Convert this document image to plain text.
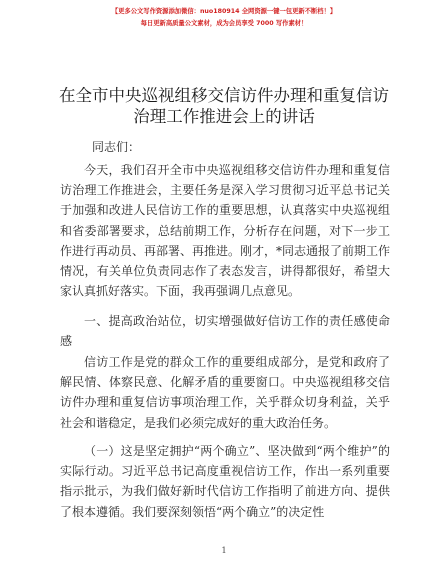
【更多公文写作资源添加微信：nuo180914 全网资源一键一包更新不断档！】
每日更新高质量公文素材，成为会员享受 7000 写作素材！
在全市中央巡视组移交信访件办理和重复信访
治理工作推进会上的讲话
同志们：

今天，我们召开全市中央巡视组移交信访件办理和重复信访治理工作推进会，主要任务是深入学习贯彻习近平总书记关于加强和改进人民信访工作的重要思想，认真落实中央巡视组和省委部署要求，总结前期工作，分析存在问题，对下一步工作进行再动员、再部署、再推进。刚才，*同志通报了前期工作情况，有关单位负责同志作了表态发言，讲得都很好，希望大家认真抓好落实。下面，我再强调几点意见。

一、提高政治站位，切实增强做好信访工作的责任感使命感

信访工作是党的群众工作的重要组成部分，是党和政府了解民情、体察民意、化解矛盾的重要窗口。中央巡视组移交信访件办理和重复信访事项治理工作，关乎群众切身利益，关乎社会和谐稳定，是我们必须完成好的重大政治任务。

（一）这是坚定拥护“两个确立”、坚决做到“两个维护”的实际行动。习近平总书记高度重视信访工作，作出一系列重要指示批示，为我们做好新时代信访工作指明了前进方向、提供了根本遵循。我们要深刻领悟“两个确立”的决定性

1
